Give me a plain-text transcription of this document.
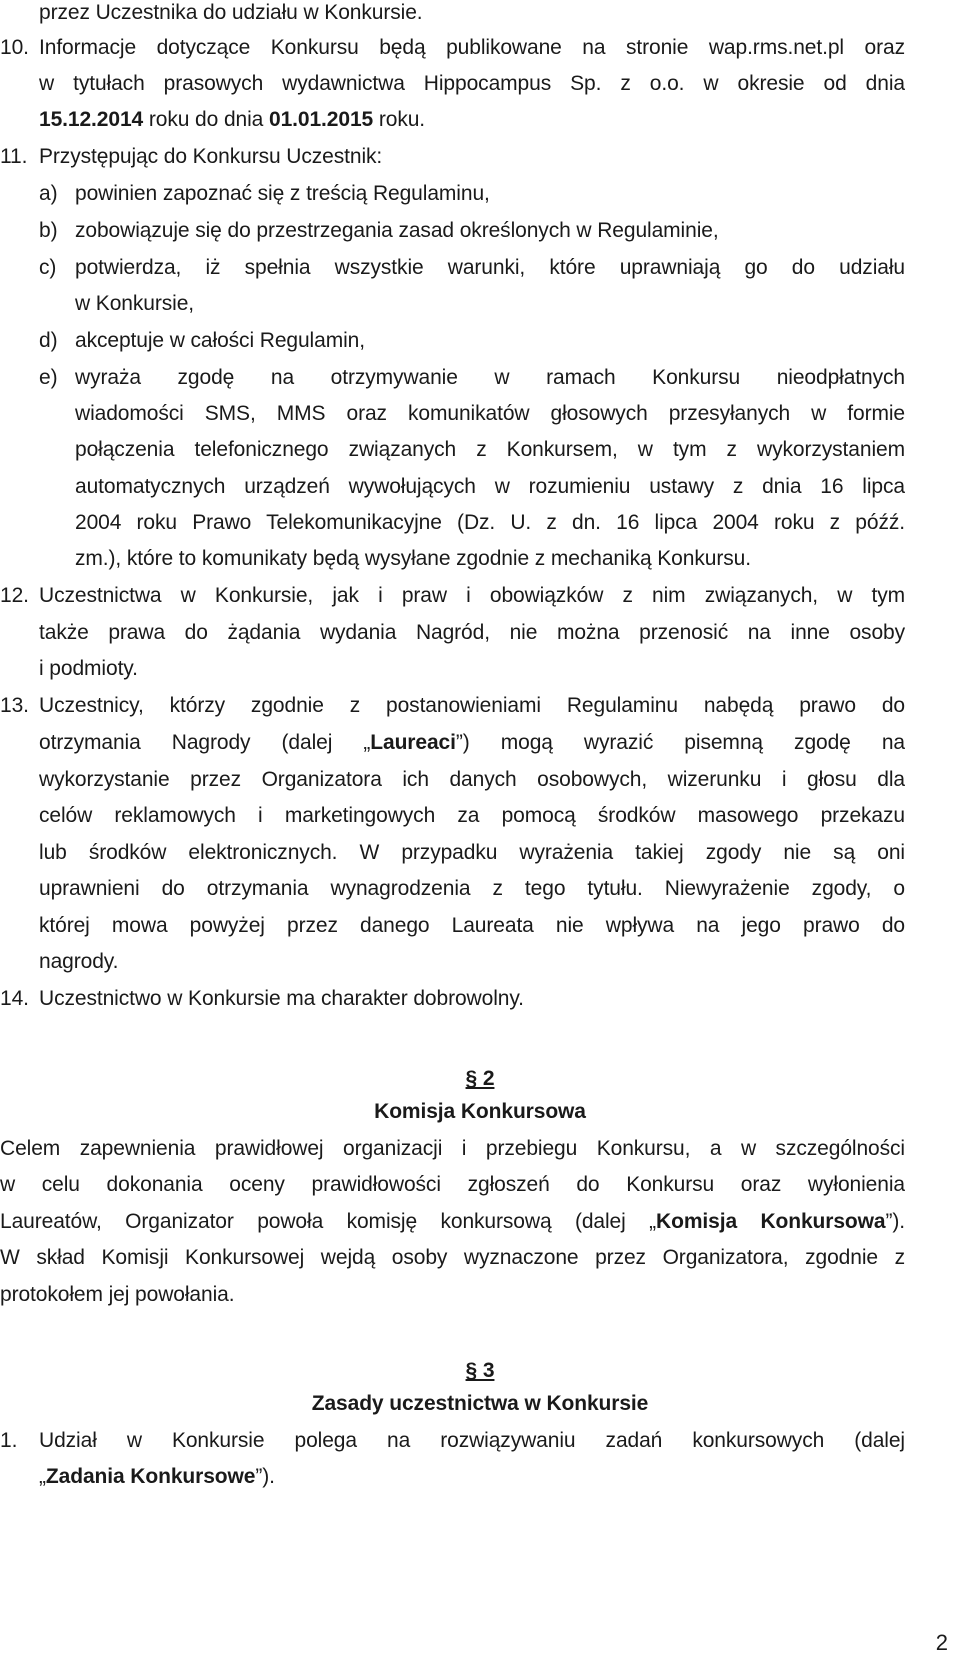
przez Uczestnika do udziału w Konkursie.
10. Informacje dotyczące Konkursu będą publikowane na stronie wap.rms.net.pl oraz
w tytułach prasowych wydawnictwa Hippocampus Sp. z o.o. w okresie od dnia
15.12.2014 roku do dnia 01.01.2015 roku.
11. Przystępując do Konkursu Uczestnik:
a) powinien zapoznać się z treścią Regulaminu,
b) zobowiązuje się do przestrzegania zasad określonych w Regulaminie,
c) potwierdza, iż spełnia wszystkie warunki, które uprawniają go do udziału
w Konkursie,
d) akceptuje w całości Regulamin,
e) wyraża zgodę na otrzymywanie w ramach Konkursu nieodpłatnych
wiadomości SMS, MMS oraz komunikatów głosowych przesyłanych w formie
połączenia telefonicznego związanych z Konkursem, w tym z wykorzystaniem
automatycznych urządzeń wywołujących w rozumieniu ustawy z dnia 16 lipca
2004 roku Prawo Telekomunikacyjne (Dz. U. z dn. 16 lipca 2004 roku z późź.
zm.), które to komunikaty będą wysyłane zgodnie z mechaniką Konkursu.
12. Uczestnictwa w Konkursie, jak i praw i obowiązków z nim związanych, w tym
także prawa do żądania wydania Nagród, nie można przenosić na inne osoby
i podmioty.
13. Uczestnicy, którzy zgodnie z postanowieniami Regulaminu nabędą prawo do
otrzymania Nagrody (dalej „Laureaci”) mogą wyrazić pisemną zgodę na
wykorzystanie przez Organizatora ich danych osobowych, wizerunku i głosu dla
celów reklamowych i marketingowych za pomocą środków masowego przekazu
lub środków elektronicznych. W przypadku wyrażenia takiej zgody nie są oni
uprawnieni do otrzymania wynagrodzenia z tego tytułu. Niewyrażenie zgody, o
której mowa powyżej przez danego Laureata nie wpływa na jego prawo do
nagrody.
14. Uczestnictwo w Konkursie ma charakter dobrowolny.
§ 2
Komisja Konkursowa
Celem zapewnienia prawidłowej organizacji i przebiegu Konkursu, a w szczególności
w celu dokonania oceny prawidłowości zgłoszeń do Konkursu oraz wyłonienia
Laureatów, Organizator powoła komisję konkursową (dalej „Komisja Konkursowa”).
W skład Komisji Konkursowej wejdą osoby wyznaczone przez Organizatora, zgodnie z
protokołem jej powołania.
§ 3
Zasady uczestnictwa w Konkursie
1. Udział w Konkursie polega na rozwiązywaniu zadań konkursowych (dalej
„Zadania Konkursowe”).
2
